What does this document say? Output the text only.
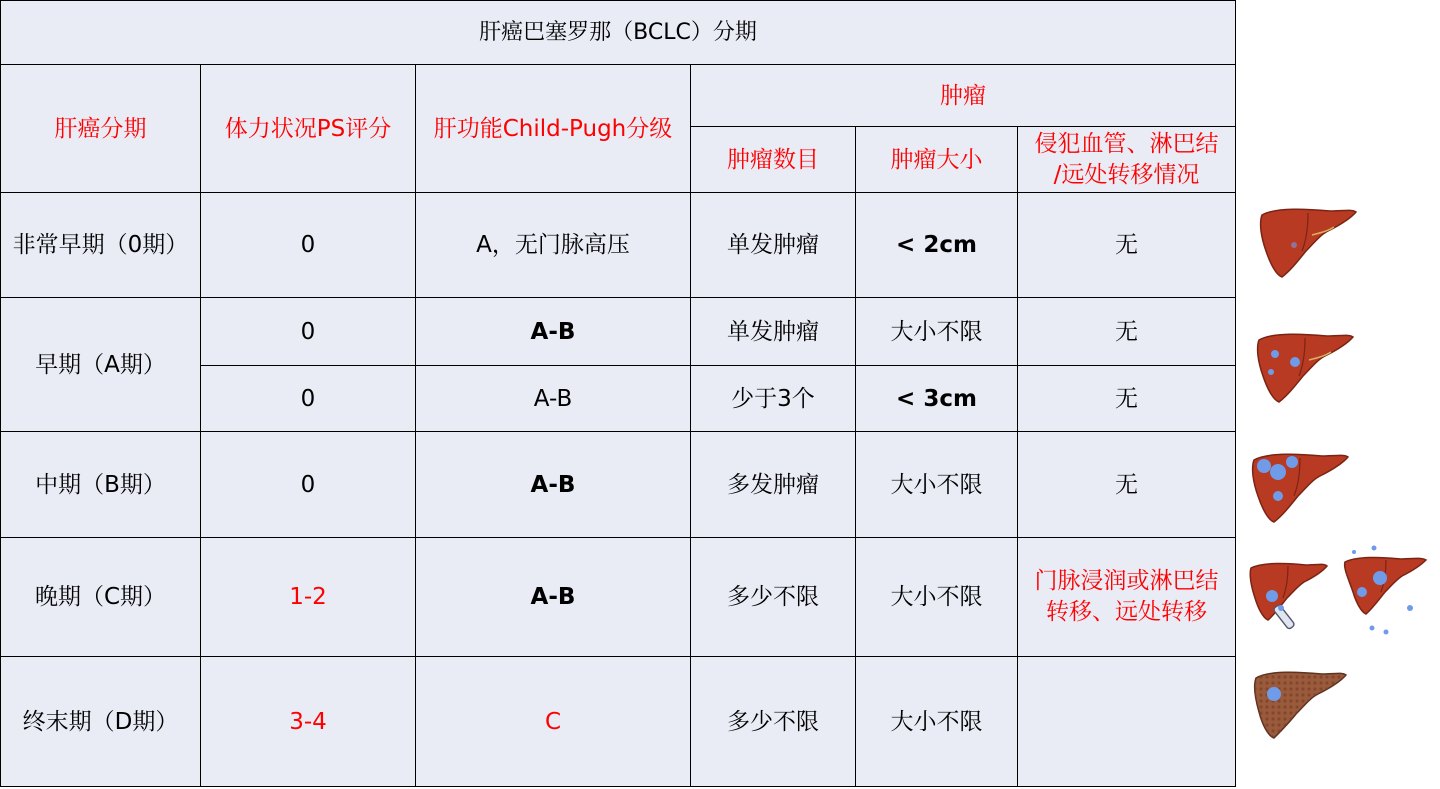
肝癌巴塞罗那（BCLC）分期					
肝癌分期	体力状况PS评分	肝功能Child-Pugh分级	肿瘤		
			肿瘤数目	肿瘤大小	侵犯血管、淋巴结
/远处转移情况
非常早期（0期）	0	A，无门脉高压	单发肿瘤	< 2cm	无
早期（A期）	0	A-B	单发肿瘤	大小不限	无
	0	A-B	少于3个	< 3cm	无
中期（B期）	0	A-B	多发肿瘤	大小不限	无
晚期（C期）	1-2	A-B	多少不限	大小不限	门脉浸润或淋巴结
转移、远处转移
终末期（D期）	3-4	C	多少不限	大小不限	
